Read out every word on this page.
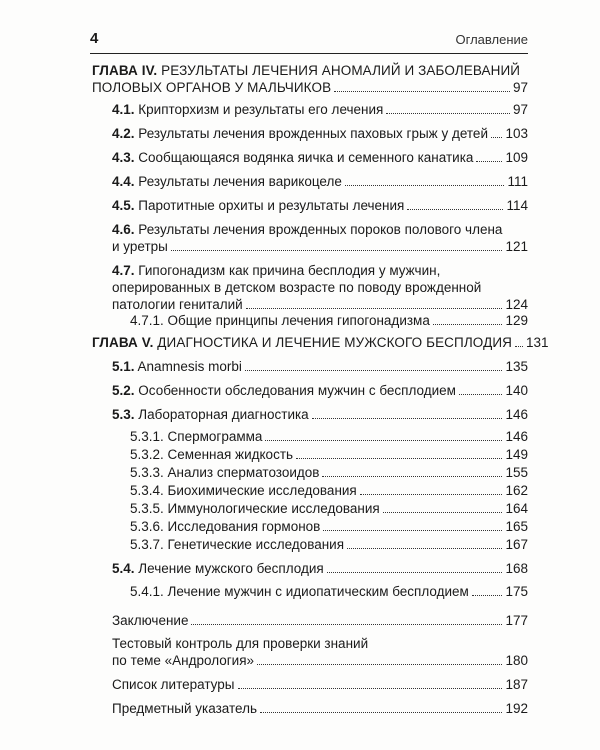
4	Оглавление
ГЛАВА IV. РЕЗУЛЬТАТЫ ЛЕЧЕНИЯ АНОМАЛИЙ И ЗАБОЛЕВАНИЙ
ПОЛОВЫХ ОРГАНОВ У МАЛЬЧИКОВ	97
4.1. Крипторхизм и результаты его лечения	97
4.2. Результаты лечения врожденных паховых грыж у детей 103
4.3. Сообщающаяся водянка яичка и семенного канатика 109
4.4. Результаты лечения варикоцеле	111
4.5. Паротитные орхиты и результаты лечения	114
4.6. Результаты лечения врожденных пороков полового члена
и уретры	121
4.7. Гипогонадизм как причина бесплодия у мужчин,
оперированных в детском возрасте по поводу врожденной
патологии гениталий	124
4.7.1. Общие принципы лечения гипогонадизма	129
ГЛАВА V. ДИАГНОСТИКА И ЛЕЧЕНИЕ МУЖСКОГО БЕСПЛОДИЯ 131
5.1. Anamnesis morbi	135
5.2. Особенности обследования мужчин с бесплодием	140
5.3. Лабораторная диагностика	146
5.3.1. Спермограмма	146
5.3.2. Семенная жидкость	149
5.3.3. Анализ сперматозоидов	155
5.3.4. Биохимические исследования	162
5.3.5. Иммунологические исследования	164
5.3.6. Исследования гормонов	165
5.3.7. Генетические исследования	167
5.4. Лечение мужского бесплодия	168
5.4.1. Лечение мужчин с идиопатическим бесплодием	175
Заключение	177
Тестовый контроль для проверки знаний
по теме «Андрология»	180
Список литературы	187
Предметный указатель	192
